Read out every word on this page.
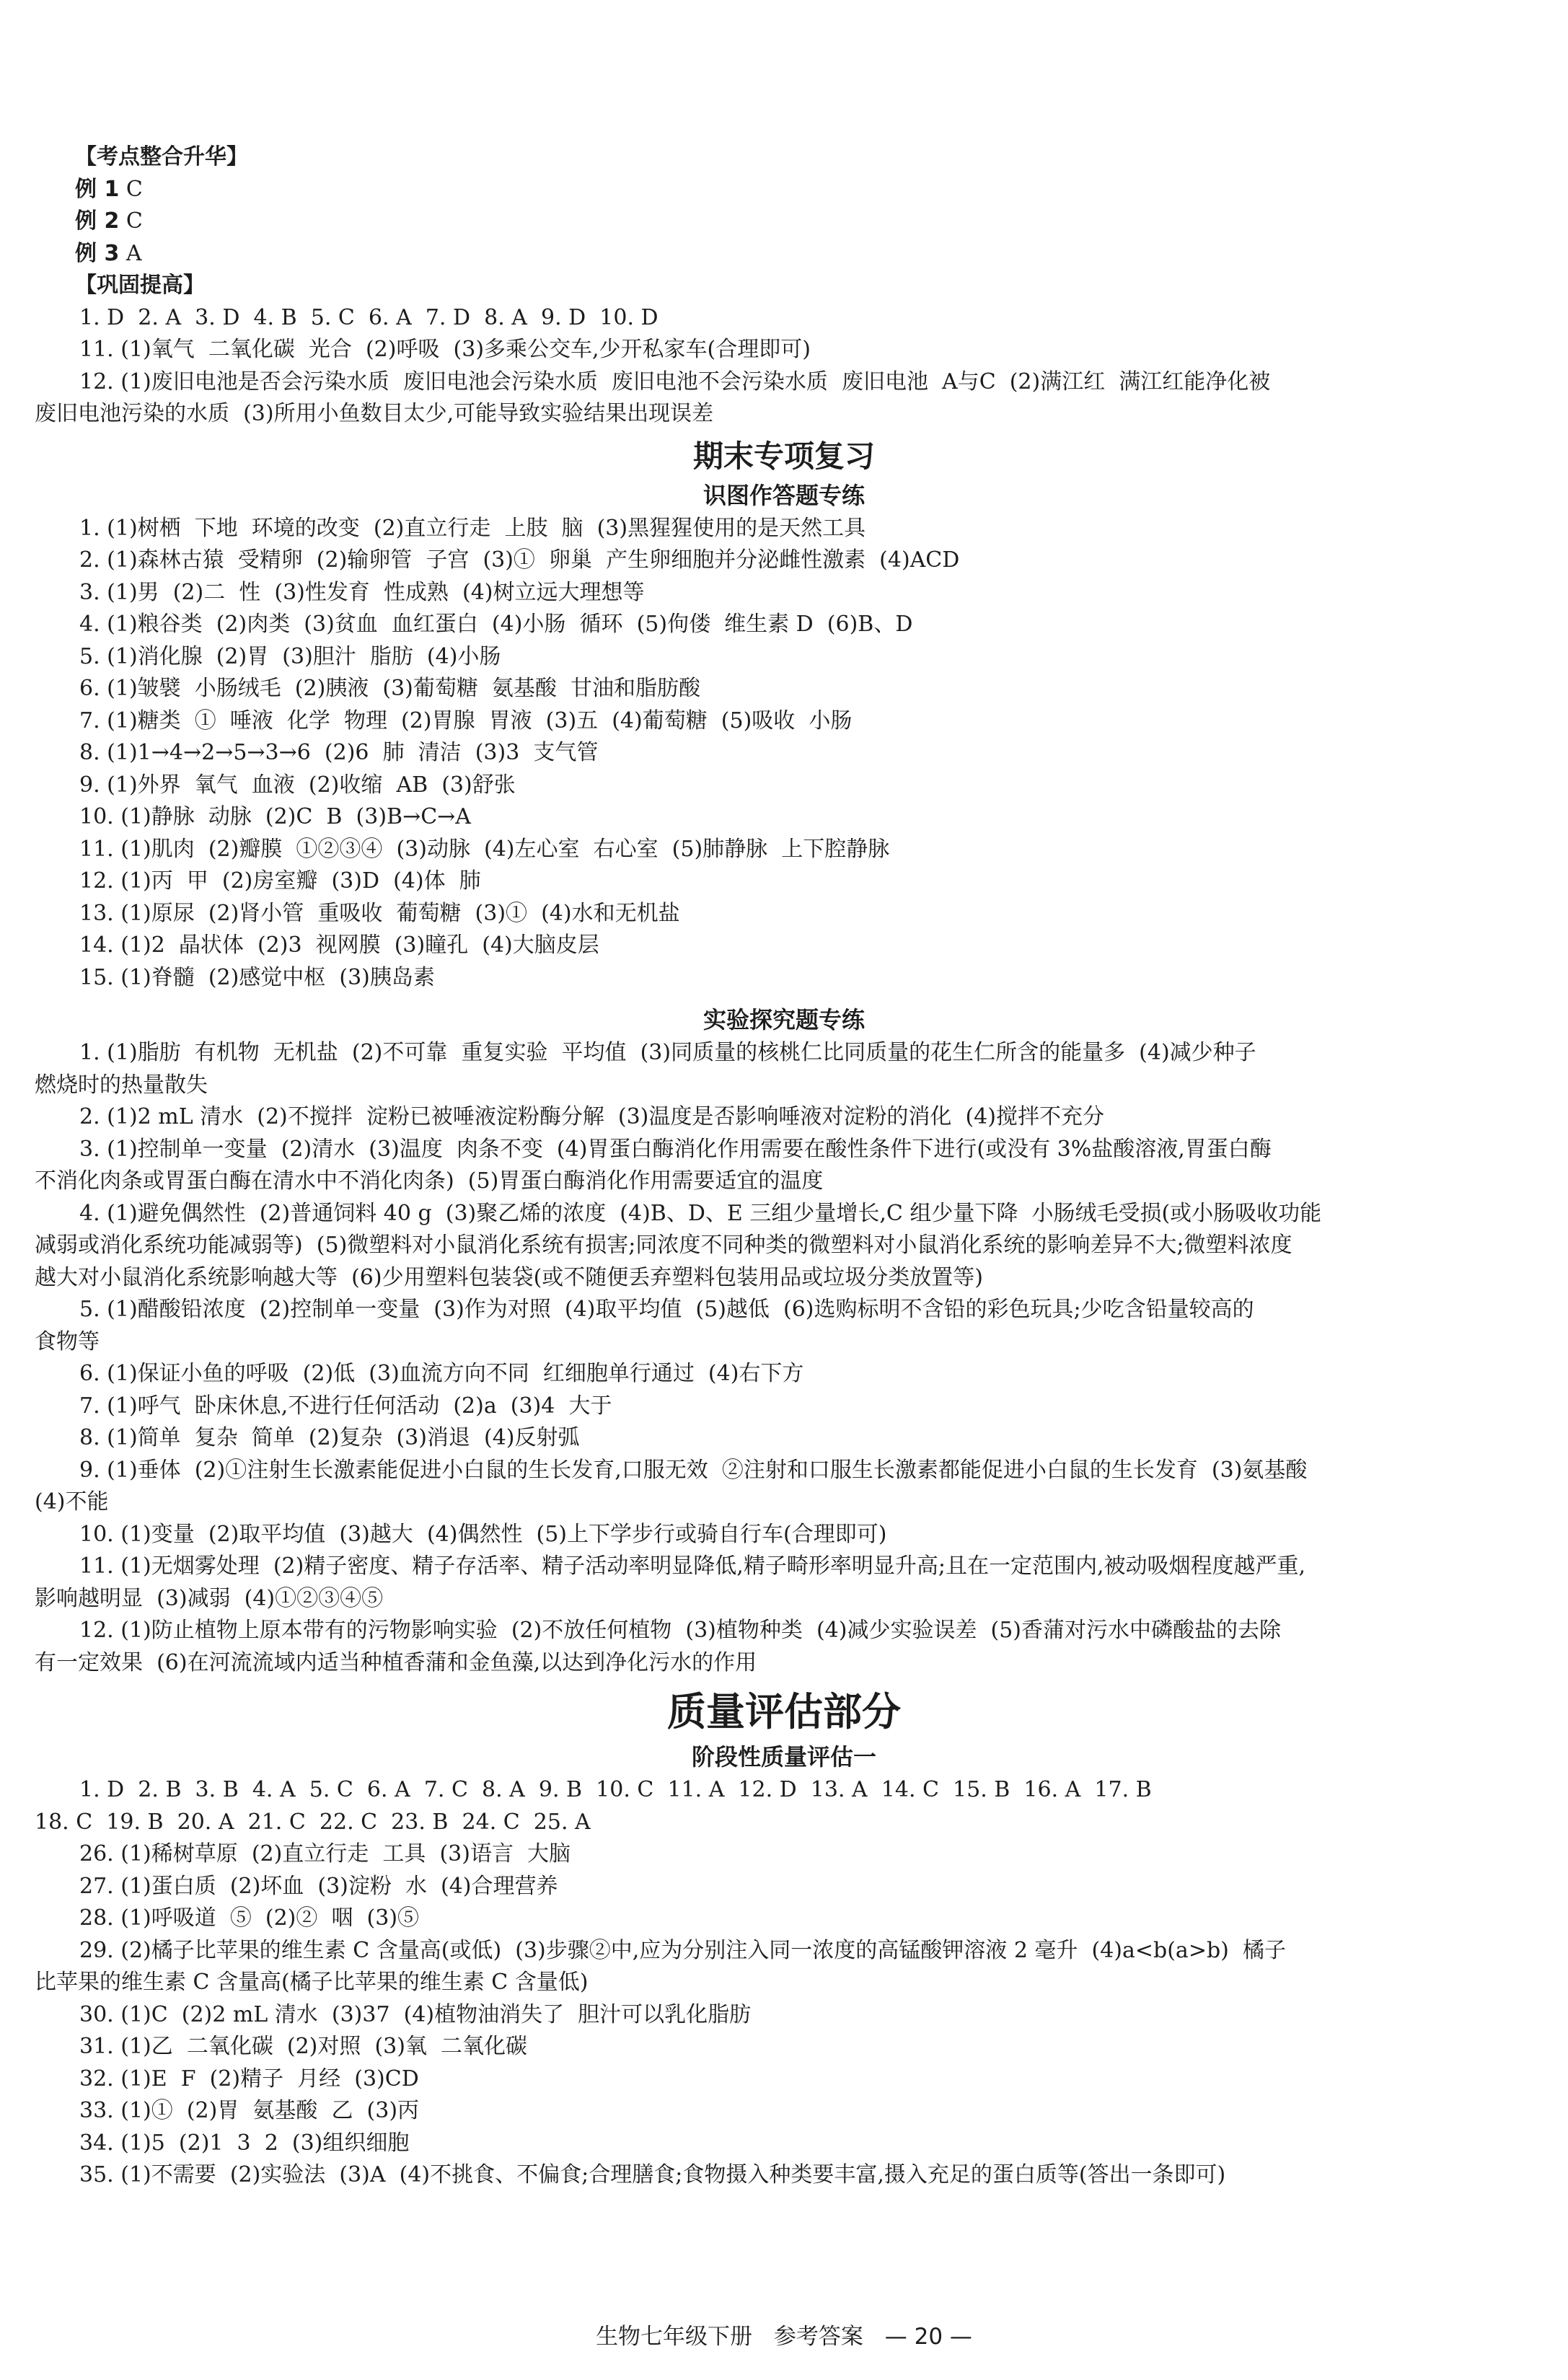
【考点整合升华】

例 1 C

例 2 C

例 3 A

【巩固提高】

1. D  2. A  3. D  4. B  5. C  6. A  7. D  8. A  9. D  10. D

11. (1)氧气  二氧化碳  光合  (2)呼吸  (3)多乘公交车,少开私家车(合理即可)

12. (1)废旧电池是否会污染水质  废旧电池会污染水质  废旧电池不会污染水质  废旧电池  A与C  (2)满江红  满江红能净化被

废旧电池污染的水质  (3)所用小鱼数目太少,可能导致实验结果出现误差

期末专项复习
识图作答题专练

1. (1)树栖  下地  环境的改变  (2)直立行走  上肢  脑  (3)黑猩猩使用的是天然工具

2. (1)森林古猿  受精卵  (2)输卵管  子宫  (3)①  卵巢  产生卵细胞并分泌雌性激素  (4)ACD

3. (1)男  (2)二  性  (3)性发育  性成熟  (4)树立远大理想等

4. (1)粮谷类  (2)肉类  (3)贫血  血红蛋白  (4)小肠  循环  (5)佝偻  维生素 D  (6)B、D

5. (1)消化腺  (2)胃  (3)胆汁  脂肪  (4)小肠

6. (1)皱襞  小肠绒毛  (2)胰液  (3)葡萄糖  氨基酸  甘油和脂肪酸

7. (1)糖类  ①  唾液  化学  物理  (2)胃腺  胃液  (3)五  (4)葡萄糖  (5)吸收  小肠

8. (1)1→4→2→5→3→6  (2)6  肺  清洁  (3)3  支气管

9. (1)外界  氧气  血液  (2)收缩  AB  (3)舒张

10. (1)静脉  动脉  (2)C  B  (3)B→C→A

11. (1)肌肉  (2)瓣膜  ①②③④  (3)动脉  (4)左心室  右心室  (5)肺静脉  上下腔静脉

12. (1)丙  甲  (2)房室瓣  (3)D  (4)体  肺

13. (1)原尿  (2)肾小管  重吸收  葡萄糖  (3)①  (4)水和无机盐

14. (1)2  晶状体  (2)3  视网膜  (3)瞳孔  (4)大脑皮层

15. (1)脊髓  (2)感觉中枢  (3)胰岛素

实验探究题专练

1. (1)脂肪  有机物  无机盐  (2)不可靠  重复实验  平均值  (3)同质量的核桃仁比同质量的花生仁所含的能量多  (4)减少种子

燃烧时的热量散失

2. (1)2 mL 清水  (2)不搅拌  淀粉已被唾液淀粉酶分解  (3)温度是否影响唾液对淀粉的消化  (4)搅拌不充分

3. (1)控制单一变量  (2)清水  (3)温度  肉条不变  (4)胃蛋白酶消化作用需要在酸性条件下进行(或没有 3%盐酸溶液,胃蛋白酶

不消化肉条或胃蛋白酶在清水中不消化肉条)  (5)胃蛋白酶消化作用需要适宜的温度

4. (1)避免偶然性  (2)普通饲料 40 g  (3)聚乙烯的浓度  (4)B、D、E 三组少量增长,C 组少量下降  小肠绒毛受损(或小肠吸收功能

减弱或消化系统功能减弱等)  (5)微塑料对小鼠消化系统有损害;同浓度不同种类的微塑料对小鼠消化系统的影响差异不大;微塑料浓度

越大对小鼠消化系统影响越大等  (6)少用塑料包装袋(或不随便丢弃塑料包装用品或垃圾分类放置等)

5. (1)醋酸铅浓度  (2)控制单一变量  (3)作为对照  (4)取平均值  (5)越低  (6)选购标明不含铅的彩色玩具;少吃含铅量较高的

食物等

6. (1)保证小鱼的呼吸  (2)低  (3)血流方向不同  红细胞单行通过  (4)右下方

7. (1)呼气  卧床休息,不进行任何活动  (2)a  (3)4  大于

8. (1)简单  复杂  简单  (2)复杂  (3)消退  (4)反射弧

9. (1)垂体  (2)①注射生长激素能促进小白鼠的生长发育,口服无效  ②注射和口服生长激素都能促进小白鼠的生长发育  (3)氨基酸

(4)不能

10. (1)变量  (2)取平均值  (3)越大  (4)偶然性  (5)上下学步行或骑自行车(合理即可)

11. (1)无烟雾处理  (2)精子密度、精子存活率、精子活动率明显降低,精子畸形率明显升高;且在一定范围内,被动吸烟程度越严重,

影响越明显  (3)减弱  (4)①②③④⑤

12. (1)防止植物上原本带有的污物影响实验  (2)不放任何植物  (3)植物种类  (4)减少实验误差  (5)香蒲对污水中磷酸盐的去除

有一定效果  (6)在河流流域内适当种植香蒲和金鱼藻,以达到净化污水的作用

质量评估部分
阶段性质量评估一

1. D  2. B  3. B  4. A  5. C  6. A  7. C  8. A  9. B  10. C  11. A  12. D  13. A  14. C  15. B  16. A  17. B

18. C  19. B  20. A  21. C  22. C  23. B  24. C  25. A

26. (1)稀树草原  (2)直立行走  工具  (3)语言  大脑

27. (1)蛋白质  (2)坏血  (3)淀粉  水  (4)合理营养

28. (1)呼吸道  ⑤  (2)②  咽  (3)⑤

29. (2)橘子比苹果的维生素 C 含量高(或低)  (3)步骤②中,应为分别注入同一浓度的高锰酸钾溶液 2 毫升  (4)a<b(a>b)  橘子

比苹果的维生素 C 含量高(橘子比苹果的维生素 C 含量低)

30. (1)C  (2)2 mL 清水  (3)37  (4)植物油消失了  胆汁可以乳化脂肪

31. (1)乙  二氧化碳  (2)对照  (3)氧  二氧化碳

32. (1)E  F  (2)精子  月经  (3)CD

33. (1)①  (2)胃  氨基酸  乙  (3)丙

34. (1)5  (2)1  3  2  (3)组织细胞

35. (1)不需要  (2)实验法  (3)A  (4)不挑食、不偏食;合理膳食;食物摄入种类要丰富,摄入充足的蛋白质等(答出一条即可)

生物七年级下册 参考答案 — 20 —
